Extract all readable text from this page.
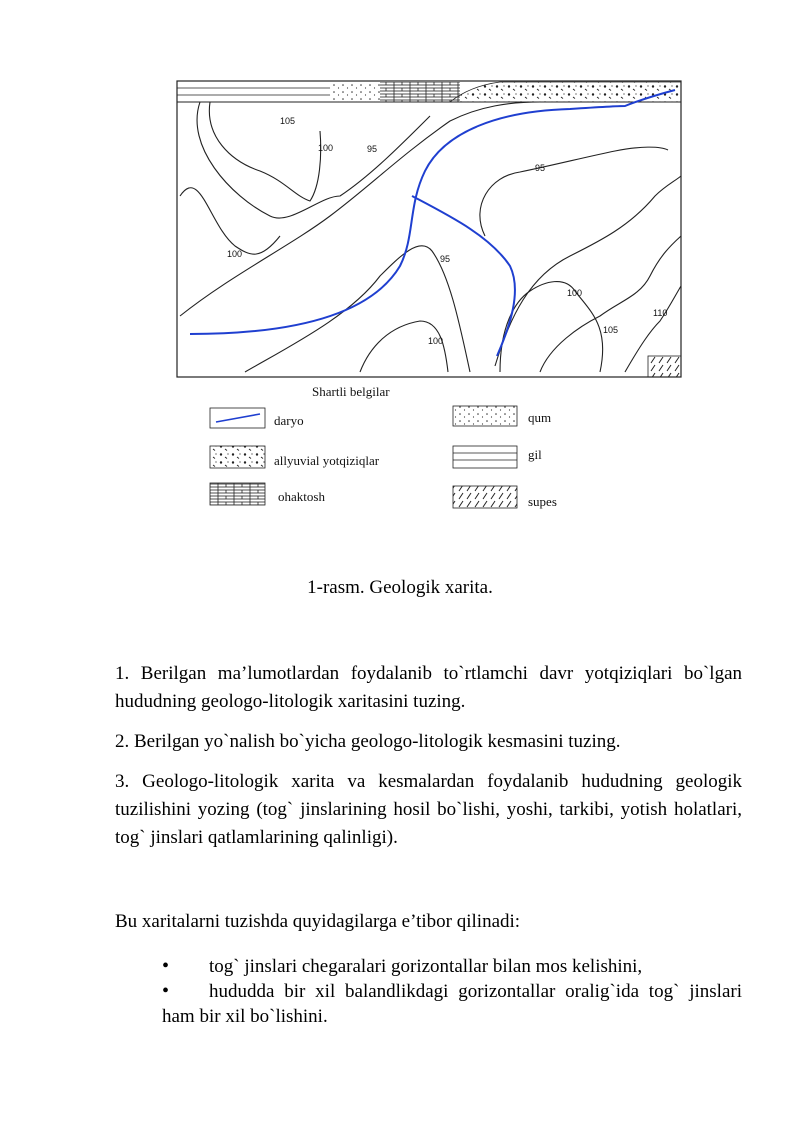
105
100	95
95
100	95
100
100
105
110
Shartli belgilar
daryo	qum
allyuvial yotqiziqlar	gil
ohaktosh	supes
1-rasm. Geologik xarita.

1. Berilgan ma’lumotlardan foydalanib to`rtlamchi davr yotqiziqlari bo`lgan hududning geologo-litologik xaritasini tuzing.

2. Berilgan yo`nalish bo`yicha geologo-litologik kesmasini tuzing.

3. Geologo-litologik xarita va kesmalardan foydalanib hududning geologik tuzilishini yozing (tog` jinslarining hosil bo`lishi, yoshi, tarkibi, yotish holatlari, tog` jinslari qatlamlarining qalinligi).

Bu xaritalarni tuzishda quyidagilarga e’tibor qilinadi:

•tog` jinslari chegaralari gorizontallar bilan mos kelishini,
•hududda bir xil balandlikdagi gorizontallar oralig`ida tog` jinslari ham bir xil bo`lishini.
